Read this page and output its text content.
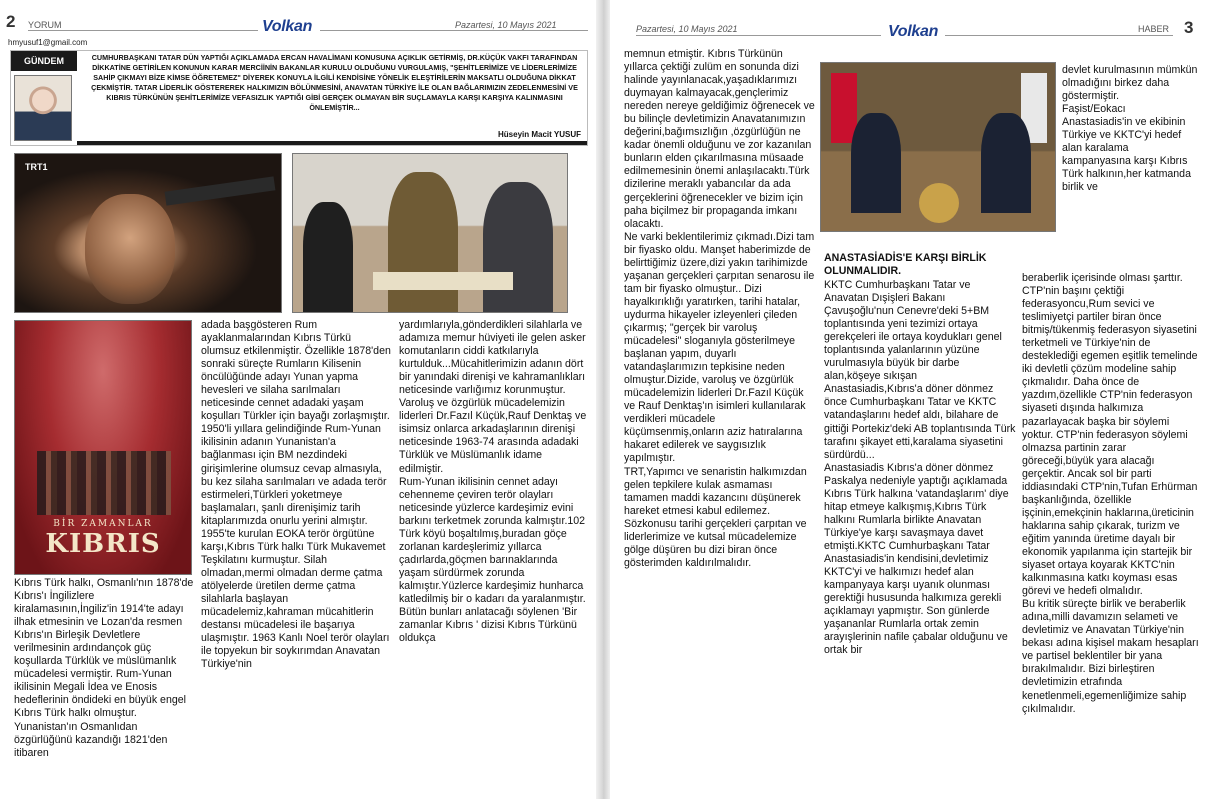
2 YORUM	Pazartesi, 10 Mayıs 2021
Volkan
hmyusuf1@gmail.com
GÜNDEM	CUMHURBAŞKANI TATAR DÜN YAPTIĞI AÇIKLAMADA ERCAN HAVALİMANI KONUSUNA AÇIKLIK GETİRMİŞ, DR.KÜÇÜK VAKFI TARAFINDAN DİKKATİNE GETİRİLEN KONUNUN KARAR MERCİİNİN BAKANLAR KURULU OLDUĞUNU VURGULAMIŞ, "ŞEHİTLERİMİZE VE LİDERLERİMİZE SAHİP ÇIKMAYI BİZE KİMSE ÖĞRETEMEZ" DİYEREK KONUYLA İLGİLİ KENDİSİNE YÖNELİK ELEŞTİRİLERİN MAKSATLI OLDUĞUNA DİKKAT ÇEKMİŞTİR. TATAR LİDERLİK GÖSTEREREK HALKIMIZIN BÖLÜNMESİNİ, ANAVATAN TÜRKİYE İLE OLAN BAĞLARIMIZIN ZEDELENMESİNİ VE KIBRIS TÜRKÜNÜN ŞEHİTLERİMİZE VEFASIZLIK YAPTIĞI GİBİ GERÇEK OLMAYAN BİR SUÇLAMAYLA KARŞI KARŞIYA KALINMASINI ÖNLEMİŞTİR...
Hüseyin Macit YUSUF
TRT1
BİR ZAMANLAR
KIBRIS
Kıbrıs Türk halkı, Osmanlı'nın 1878'de Kıbrıs'ı İngilizlere kiralamasının,İngiliz'in 1914'te adayı ilhak etmesinin ve Lozan'da resmen Kıbrıs'ın Birleşik Devletlere verilmesinin ardındançok güç koşullarda Türklük ve müslümanlık mücadelesi vermiştir. Rum-Yunan ikilisinin Megali İdea ve Enosis hedeflerinin öndideki en büyük engel Kıbrıs Türk halkı olmuştur. Yunanistan'ın Osmanlıdan özgürlüğünü kazandığı 1821'den itibaren
adada başgösteren Rum ayaklanmalarından Kıbrıs Türkü olumsuz etkilenmiştir. Özellikle 1878'den sonraki süreçte Rumların Kilisenin öncülüğünde adayı Yunan yapma hevesleri ve silaha sarılmaları neticesinde cennet adadaki yaşam koşulları Türkler için bayağı zorlaşmıştır. 1950'li yıllara gelindiğinde Rum-Yunan ikilisinin adanın Yunanistan'a bağlanması için BM nezdindeki girişimlerine olumsuz cevap almasıyla, bu kez silaha sarılmaları ve adada terör estirmeleri,Türkleri yoketmeye başlamaları, şanlı direnişimiz tarih kitaplarımızda onurlu yerini almıştır.
1955'te kurulan EOKA terör örgütüne karşı,Kıbrıs Türk halkı Türk Mukavemet Teşkilatını kurmuştur. Silah olmadan,mermi olmadan derme çatma atölyelerde üretilen derme çatma silahlarla başlayan mücadelemiz,kahraman mücahitlerin destansı mücadelesi ile başarıya ulaşmıştır. 1963 Kanlı Noel terör olayları ile topyekun bir soykırımdan Anavatan Türkiye'nin
yardımlarıyla,gönderdikleri silahlarla ve adamıza memur hüviyeti ile gelen asker komutanların ciddi katkılarıyla kurtulduk...Mücahitlerimizin adanın dört bir yanındaki direnişi ve kahramanlıkları neticesinde varlığımız korunmuştur. Varoluş ve özgürlük mücadelemizin liderleri Dr.Fazıl Küçük,Rauf Denktaş ve isimsiz onlarca arkadaşlarının direnişi neticesinde 1963-74 arasında adadaki Türklük ve Müslümanlık idame edilmiştir.
Rum-Yunan ikilisinin cennet adayı cehenneme çeviren terör olayları neticesinde yüzlerce kardeşimiz evini barkını terketmek zorunda kalmıştır.102 Türk köyü boşaltılmış,buradan göçe zorlanan kardeşlerimiz yıllarca çadırlarda,göçmen barınaklarında yaşam sürdürmek zorunda kalmıştır.Yüzlerce kardeşimiz hunharca katledilmiş bir o kadarı da yaralanmıştır.
Bütün bunları anlatacağı söylenen 'Bir zamanlar Kıbrıs ' dizisi Kıbrıs Türkünü oldukça
Pazartesi, 10 Mayıs 2021	HABER 3
Volkan
memnun etmiştir. Kıbrıs Türkünün yıllarca çektiği zulüm en sonunda dizi halinde yayınlanacak,yaşadıklarımızı duymayan kalmayacak,gençlerimiz nereden nereye geldiğimiz öğrenecek ve bu bilinçle devletimizin Anavatanımızın değerini,bağımsızlığın ,özgürlüğün ne kadar önemli olduğunu ve zor kazanılan bunların elden çıkarılmasına müsaade edilmemesinin önemi anlaşılacaktı.Türk dizilerine meraklı yabancılar da ada gerçeklerini öğrenecekler ve bizim için paha biçilmez bir propaganda imkanı olacaktı.
Ne varki beklentilerimiz çıkmadı.Dizi tam bir fiyasko oldu. Manşet haberimizde de belirttiğimiz üzere,dizi yakın tarihimizde yaşanan gerçekleri çarpıtan senarosu ile tam bir fiyasko olmuştur.. Dizi hayalkırıklığı yaratırken, tarihi hatalar, uydurma hikayeler izleyenleri çileden çıkarmış; "gerçek bir varoluş mücadelesi" sloganıyla gösterilmeye başlanan yapım, duyarlı vatandaşlarımızın tepkisine neden olmuştur.Dizide, varoluş ve özgürlük mücadelemizin liderleri Dr.Fazıl Küçük ve Rauf Denktaş'ın isimleri kullanılarak verdikleri mücadele küçümsenmiş,onların aziz hatıralarına hakaret edilerek ve saygısızlık yapılmıştır.
TRT,Yapımcı ve senaristin halkımızdan gelen tepkilere kulak asmaması tamamen maddi kazancını düşünerek hareket etmesi kabul edilemez. Sözkonusu tarihi gerçekleri çarpıtan ve liderlerimize ve kutsal mücadelemize gölge düşüren bu dizi biran önce gösterimden kaldırılmalıdır.
ANASTASİADİS'E KARŞI BİRLİK OLUNMALIDIR.
KKTC Cumhurbaşkanı Tatar ve Anavatan Dışişleri Bakanı Çavuşoğlu'nun Cenevre'deki 5+BM toplantısında yeni tezimizi ortaya gerekçeleri ile ortaya koydukları genel toplantısında yalanlarının yüzüne vurulmasıyla büyük bir darbe alan,köşeye sıkışan Anastasiadis,Kıbrıs'a döner dönmez önce Cumhurbaşkanı Tatar ve KKTC vatandaşlarını hedef aldı, bilahare de gittiği Portekiz'deki AB toplantısında Türk tarafını şikayet etti,karalama siyasetini sürdürdü...
Anastasiadis Kıbrıs'a döner dönmez Paskalya nedeniyle yaptığı açıklamada Kıbrıs Türk halkına 'vatandaşlarım' diye hitap etmeye kalkışmış,Kıbrıs Türk halkını Rumlarla birlikte Anavatan Türkiye'ye karşı savaşmaya davet etmişti.KKTC Cumhurbaşkanı Tatar Anastasiadis'in kendisini,devletimiz KKTC'yi ve halkımızı hedef alan kampanyaya karşı uyanık olunması gerektiği hususunda halkımıza gerekli açıklamayı yapmıştır. Son günlerde yaşananlar Rumlarla ortak zemin arayışlerinin nafile çabalar olduğunu ve ortak bir
devlet kurulmasının mümkün olmadığını birkez daha göstermiştir.
Faşist/Eokacı Anastasiadis'in ve ekibinin Türkiye ve KKTC'yi hedef alan karalama kampanyasına karşı Kıbrıs Türk halkının,her katmanda birlik ve
beraberlik içerisinde olması şarttır. CTP'nin başını çektiği federasyoncu,Rum sevici ve teslimiyetçi partiler biran önce bitmiş/tükenmiş federasyon siyasetini terketmeli ve Türkiye'nin de desteklediği egemen eşitlik temelinde iki devletli çözüm modeline sahip çıkmalıdır. Daha önce de yazdım,özellikle CTP'nin federasyon siyaseti dışında halkımıza pazarlayacak başka bir söylemi yoktur. CTP'nin federasyon söylemi olmazsa partinin zarar göreceği,büyük yara alacağı gerçektir. Ancak sol bir parti iddiasındaki CTP'nin,Tufan Erhürman başkanlığında, özellikle işçinin,emekçinin haklarına,üreticinin haklarına sahip çıkarak, turizm ve eğitim yanında üretime dayalı bir ekonomik yapılanma için startejik bir siyaset ortaya koyarak KKTC'nin kalkınmasına katkı koyması esas görevi ve hedefi olmalıdır.
Bu kritik süreçte birlik ve beraberlik adına,milli davamızın selameti ve devletimiz ve Anavatan Türkiye'nin bekası adına kişisel makam hesapları ve partisel beklentiler bir yana bırakılmalıdır. Bizi birleştiren devletimizin etrafında kenetlenmeli,egemenliğimize sahip çıkılmalıdır.
